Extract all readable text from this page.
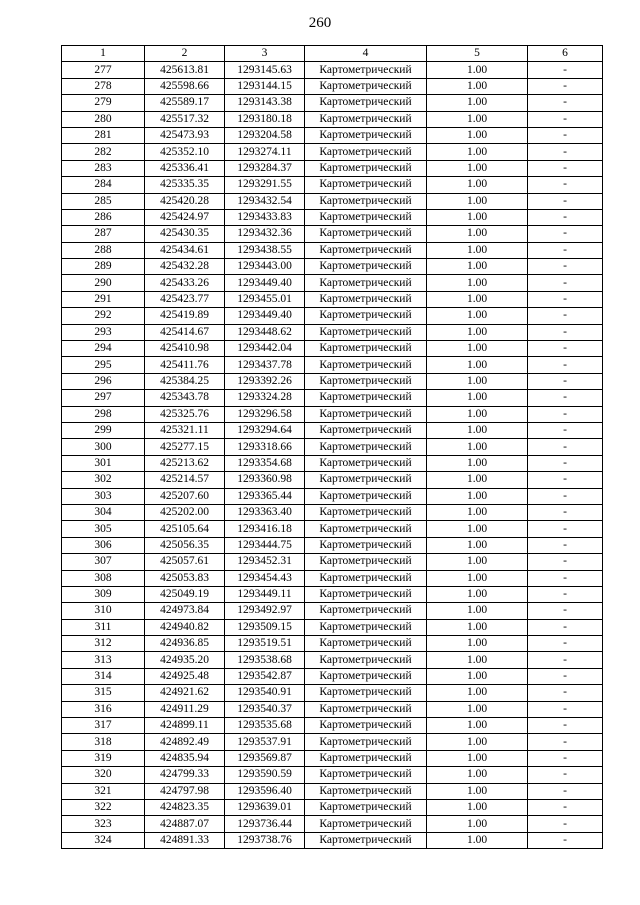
260
1	2	3	4	5	6
277	425613.81	1293145.63	Картометрический	1.00	-
278	425598.66	1293144.15	Картометрический	1.00	-
279	425589.17	1293143.38	Картометрический	1.00	-
280	425517.32	1293180.18	Картометрический	1.00	-
281	425473.93	1293204.58	Картометрический	1.00	-
282	425352.10	1293274.11	Картометрический	1.00	-
283	425336.41	1293284.37	Картометрический	1.00	-
284	425335.35	1293291.55	Картометрический	1.00	-
285	425420.28	1293432.54	Картометрический	1.00	-
286	425424.97	1293433.83	Картометрический	1.00	-
287	425430.35	1293432.36	Картометрический	1.00	-
288	425434.61	1293438.55	Картометрический	1.00	-
289	425432.28	1293443.00	Картометрический	1.00	-
290	425433.26	1293449.40	Картометрический	1.00	-
291	425423.77	1293455.01	Картометрический	1.00	-
292	425419.89	1293449.40	Картометрический	1.00	-
293	425414.67	1293448.62	Картометрический	1.00	-
294	425410.98	1293442.04	Картометрический	1.00	-
295	425411.76	1293437.78	Картометрический	1.00	-
296	425384.25	1293392.26	Картометрический	1.00	-
297	425343.78	1293324.28	Картометрический	1.00	-
298	425325.76	1293296.58	Картометрический	1.00	-
299	425321.11	1293294.64	Картометрический	1.00	-
300	425277.15	1293318.66	Картометрический	1.00	-
301	425213.62	1293354.68	Картометрический	1.00	-
302	425214.57	1293360.98	Картометрический	1.00	-
303	425207.60	1293365.44	Картометрический	1.00	-
304	425202.00	1293363.40	Картометрический	1.00	-
305	425105.64	1293416.18	Картометрический	1.00	-
306	425056.35	1293444.75	Картометрический	1.00	-
307	425057.61	1293452.31	Картометрический	1.00	-
308	425053.83	1293454.43	Картометрический	1.00	-
309	425049.19	1293449.11	Картометрический	1.00	-
310	424973.84	1293492.97	Картометрический	1.00	-
311	424940.82	1293509.15	Картометрический	1.00	-
312	424936.85	1293519.51	Картометрический	1.00	-
313	424935.20	1293538.68	Картометрический	1.00	-
314	424925.48	1293542.87	Картометрический	1.00	-
315	424921.62	1293540.91	Картометрический	1.00	-
316	424911.29	1293540.37	Картометрический	1.00	-
317	424899.11	1293535.68	Картометрический	1.00	-
318	424892.49	1293537.91	Картометрический	1.00	-
319	424835.94	1293569.87	Картометрический	1.00	-
320	424799.33	1293590.59	Картометрический	1.00	-
321	424797.98	1293596.40	Картометрический	1.00	-
322	424823.35	1293639.01	Картометрический	1.00	-
323	424887.07	1293736.44	Картометрический	1.00	-
324	424891.33	1293738.76	Картометрический	1.00	-
